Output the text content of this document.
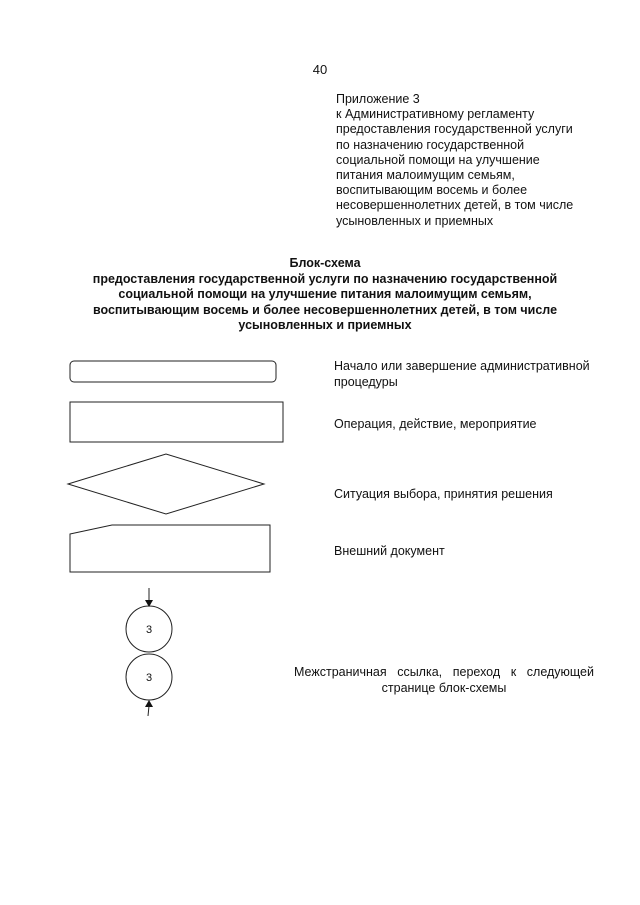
40
Приложение 3
к Административному регламенту
предоставления государственной услуги
по назначению государственной
социальной помощи на улучшение
питания малоимущим семьям,
воспитывающим восемь и более
несовершеннолетних детей, в том числе
усыновленных и приемных
Блок-схема
предоставления государственной услуги по назначению государственной
социальной помощи на улучшение питания малоимущим семьям,
воспитывающим восемь и более несовершеннолетних детей, в том числе
усыновленных и приемных
3
3
Начало или завершение административной
процедуры
Операция, действие, мероприятие
Ситуация выбора, принятия решения
Внешний документ
Межстраничная ссылка, переход к следующей
странице блок-схемы
